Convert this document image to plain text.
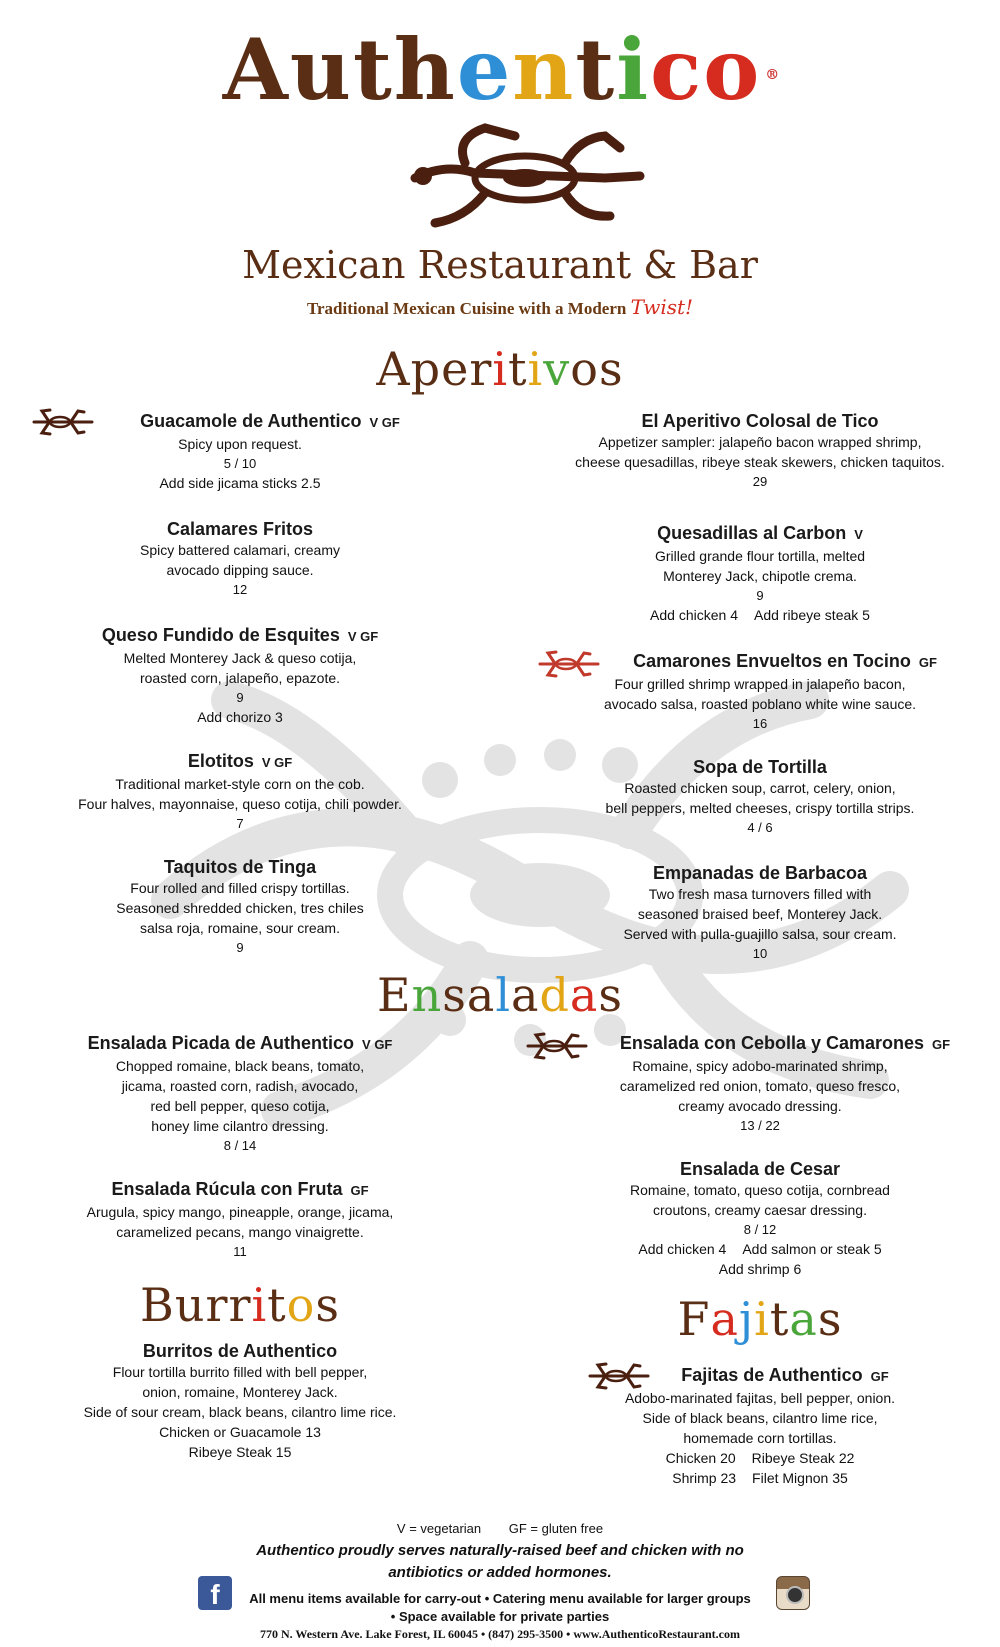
Authentico ®
Mexican Restaurant & Bar
Traditional Mexican Cuisine with a Modern Twist!
Aperitivos
Guacamole de Authentico V GF
Spicy upon request.
5 / 10
Add side jicama sticks 2.5
Calamares Fritos
Spicy battered calamari, creamy
avocado dipping sauce.
12
Queso Fundido de Esquites V GF
Melted Monterey Jack & queso cotija,
roasted corn, jalapeño, epazote.
9
Add chorizo 3
Elotitos V GF
Traditional market-style corn on the cob.
Four halves, mayonnaise, queso cotija, chili powder.
7
Taquitos de Tinga
Four rolled and filled crispy tortillas.
Seasoned shredded chicken, tres chiles
salsa roja, romaine, sour cream.
9
El Aperitivo Colosal de Tico
Appetizer sampler: jalapeño bacon wrapped shrimp,
cheese quesadillas, ribeye steak skewers, chicken taquitos.
29
Quesadillas al Carbon V
Grilled grande flour tortilla, melted
Monterey Jack, chipotle crema.
9
Add chicken 4 Add ribeye steak 5
Camarones Envueltos en Tocino GF
Four grilled shrimp wrapped in jalapeño bacon,
avocado salsa, roasted poblano white wine sauce.
16
Sopa de Tortilla
Roasted chicken soup, carrot, celery, onion,
bell peppers, melted cheeses, crispy tortilla strips.
4 / 6
Empanadas de Barbacoa
Two fresh masa turnovers filled with
seasoned braised beef, Monterey Jack.
Served with pulla-guajillo salsa, sour cream.
10
Ensaladas
Ensalada Picada de Authentico V GF
Chopped romaine, black beans, tomato,
jicama, roasted corn, radish, avocado,
red bell pepper, queso cotija,
honey lime cilantro dressing.
8 / 14
Ensalada Rúcula con Fruta GF
Arugula, spicy mango, pineapple, orange, jicama,
caramelized pecans, mango vinaigrette.
11
Ensalada con Cebolla y Camarones GF
Romaine, spicy adobo-marinated shrimp,
caramelized red onion, tomato, queso fresco,
creamy avocado dressing.
13 / 22
Ensalada de Cesar
Romaine, tomato, queso cotija, cornbread
croutons, creamy caesar dressing.
8 / 12
Add chicken 4 Add salmon or steak 5
Add shrimp 6
Burritos
Burritos de Authentico
Flour tortilla burrito filled with bell pepper,
onion, romaine, Monterey Jack.
Side of sour cream, black beans, cilantro lime rice.
Chicken or Guacamole 13
Ribeye Steak 15
Fajitas
Fajitas de Authentico GF
Adobo-marinated fajitas, bell pepper, onion.
Side of black beans, cilantro lime rice,
homemade corn tortillas.
Chicken 20 Ribeye Steak 22
Shrimp 23 Filet Mignon 35
V = vegetarian GF = gluten free
Authentico proudly serves naturally-raised beef and chicken with no
antibiotics or added hormones.
f	All menu items available for carry-out • Catering menu available for larger groups
• Space available for private parties
770 N. Western Ave. Lake Forest, IL 60045 • (847) 295-3500 • www.AuthenticoRestaurant.com
